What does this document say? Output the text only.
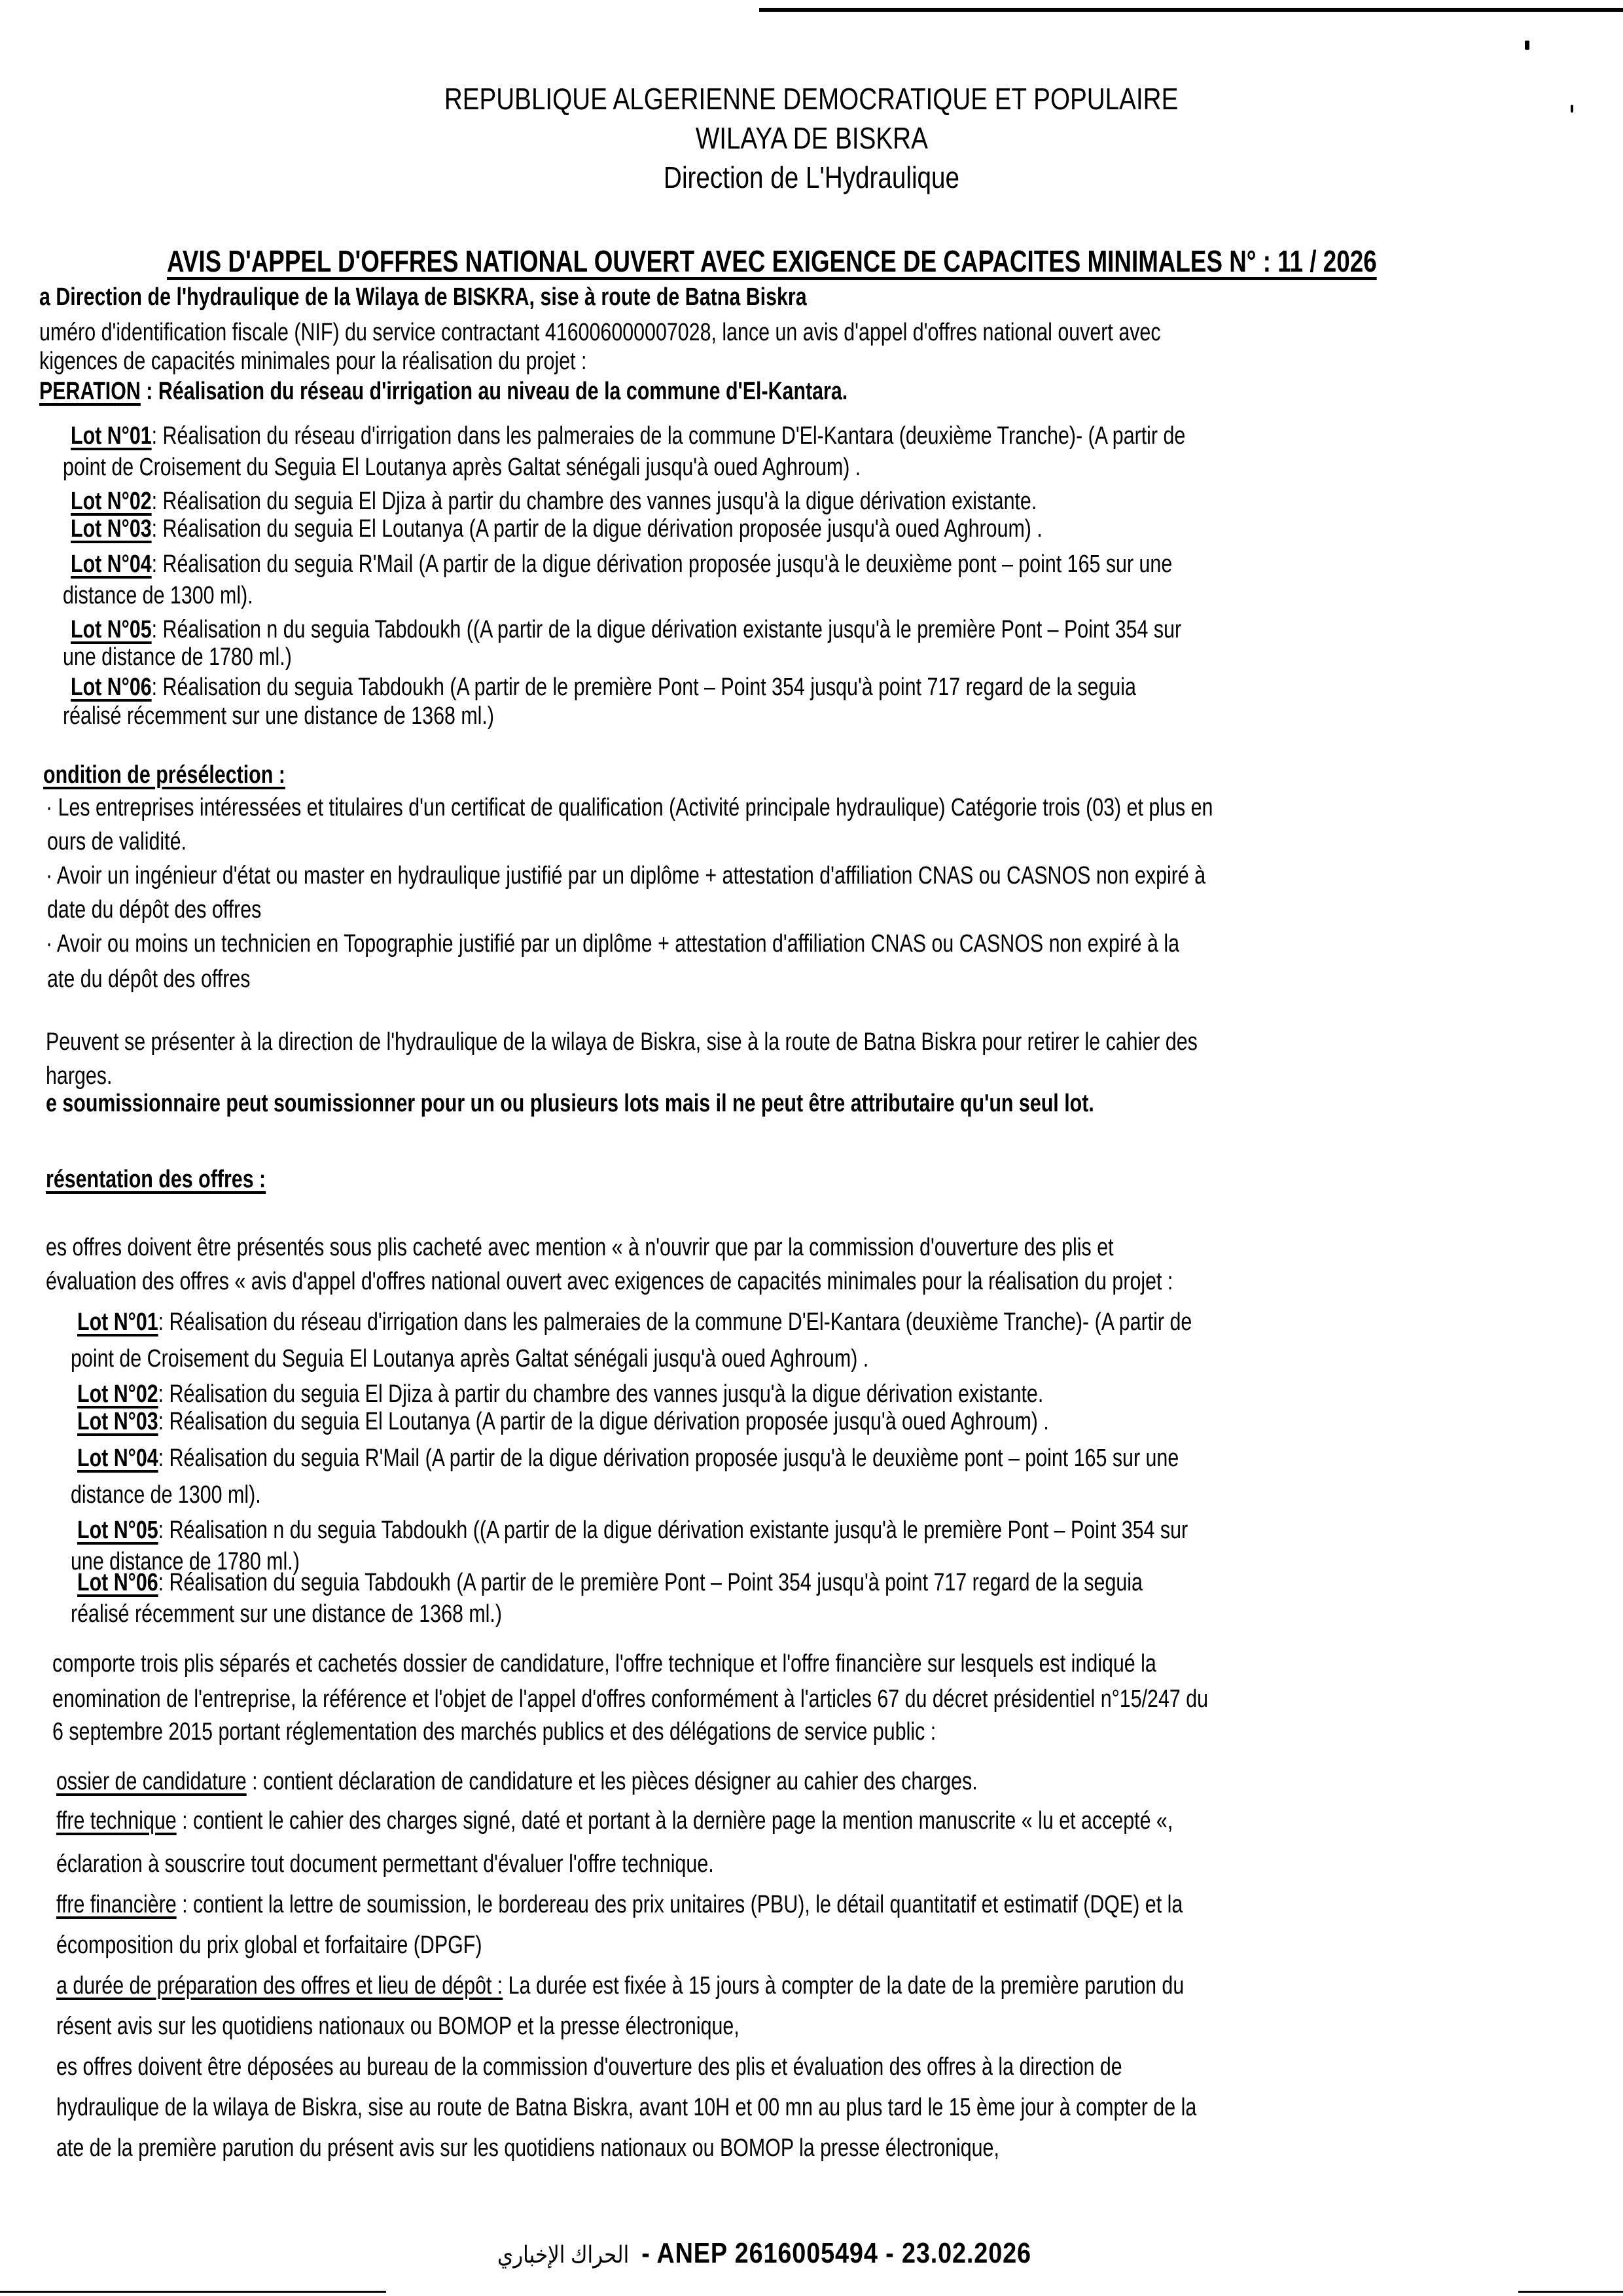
REPUBLIQUE ALGERIENNE DEMOCRATIQUE ET POPULAIRE
WILAYA DE BISKRA
Direction de L'Hydraulique
AVIS D'APPEL D'OFFRES NATIONAL OUVERT AVEC EXIGENCE DE CAPACITES MINIMALES N° : 11 / 2026
a Direction de l'hydraulique de la Wilaya de BISKRA, sise à route de Batna Biskra
uméro d'identification fiscale (NIF) du service contractant 416006000007028, lance un avis d'appel d'offres national ouvert avec
kigences de capacités minimales pour la réalisation du projet :
PERATION : Réalisation du réseau d'irrigation au niveau de la commune d'El-Kantara.
Lot N°01: Réalisation du réseau d'irrigation dans les palmeraies de la commune D'El-Kantara (deuxième Tranche)- (A partir de
point de Croisement du Seguia El Loutanya après Galtat sénégali jusqu'à oued Aghroum) .
Lot N°02: Réalisation du seguia El Djiza à partir du chambre des vannes jusqu'à la digue dérivation existante.
Lot N°03: Réalisation du seguia El Loutanya (A partir de la digue dérivation proposée jusqu'à oued Aghroum) .
Lot N°04: Réalisation du seguia R'Mail (A partir de la digue dérivation proposée jusqu'à le deuxième pont – point 165 sur une
distance de 1300 ml).
Lot N°05: Réalisation n du seguia Tabdoukh ((A partir de la digue dérivation existante jusqu'à le première Pont – Point 354 sur
une distance de 1780 ml.)
Lot N°06: Réalisation du seguia Tabdoukh (A partir de le première Pont – Point 354 jusqu'à point 717 regard de la seguia
réalisé récemment sur une distance de 1368 ml.)
ondition de présélection :
· Les entreprises intéressées et titulaires d'un certificat de qualification (Activité principale hydraulique) Catégorie trois (03) et plus en
ours de validité.
· Avoir un ingénieur d'état ou master en hydraulique justifié par un diplôme + attestation d'affiliation CNAS ou CASNOS non expiré à
date du dépôt des offres
· Avoir ou moins un technicien en Topographie justifié par un diplôme + attestation d'affiliation CNAS ou CASNOS non expiré à la
ate du dépôt des offres
Peuvent se présenter à la direction de l'hydraulique de la wilaya de Biskra, sise à la route de Batna Biskra pour retirer le cahier des
harges.
e soumissionnaire peut soumissionner pour un ou plusieurs lots mais il ne peut être attributaire qu'un seul lot.
résentation des offres :
es offres doivent être présentés sous plis cacheté avec mention « à n'ouvrir que par la commission d'ouverture des plis et
évaluation des offres « avis d'appel d'offres national ouvert avec exigences de capacités minimales pour la réalisation du projet :
Lot N°01: Réalisation du réseau d'irrigation dans les palmeraies de la commune D'El-Kantara (deuxième Tranche)- (A partir de
point de Croisement du Seguia El Loutanya après Galtat sénégali jusqu'à oued Aghroum) .
Lot N°02: Réalisation du seguia El Djiza à partir du chambre des vannes jusqu'à la digue dérivation existante.
Lot N°03: Réalisation du seguia El Loutanya (A partir de la digue dérivation proposée jusqu'à oued Aghroum) .
Lot N°04: Réalisation du seguia R'Mail (A partir de la digue dérivation proposée jusqu'à le deuxième pont – point 165 sur une
distance de 1300 ml).
Lot N°05: Réalisation n du seguia Tabdoukh ((A partir de la digue dérivation existante jusqu'à le première Pont – Point 354 sur
une distance de 1780 ml.)
Lot N°06: Réalisation du seguia Tabdoukh (A partir de le première Pont – Point 354 jusqu'à point 717 regard de la seguia
réalisé récemment sur une distance de 1368 ml.)
comporte trois plis séparés et cachetés dossier de candidature, l'offre technique et l'offre financière sur lesquels est indiqué la
enomination de l'entreprise, la référence et l'objet de l'appel d'offres conformément à l'articles 67 du décret présidentiel n°15/247 du
6 septembre 2015 portant réglementation des marchés publics et des délégations de service public :
ossier de candidature : contient déclaration de candidature et les pièces désigner au cahier des charges.
ffre technique : contient le cahier des charges signé, daté et portant à la dernière page la mention manuscrite « lu et accepté «,
éclaration à souscrire tout document permettant d'évaluer l'offre technique.
ffre financière : contient la lettre de soumission, le bordereau des prix unitaires (PBU), le détail quantitatif et estimatif (DQE) et la
écomposition du prix global et forfaitaire (DPGF)
a durée de préparation des offres et lieu de dépôt : La durée est fixée à 15 jours à compter de la date de la première parution du
résent avis sur les quotidiens nationaux ou BOMOP et la presse électronique,
es offres doivent être déposées au bureau de la commission d'ouverture des plis et évaluation des offres à la direction de
hydraulique de la wilaya de Biskra, sise au route de Batna Biskra, avant 10H et 00 mn au plus tard le 15 ème jour à compter de la
ate de la première parution du présent avis sur les quotidiens nationaux ou BOMOP la presse électronique,
الحراك الإخباري - ANEP 2616005494 - 23.02.2026
